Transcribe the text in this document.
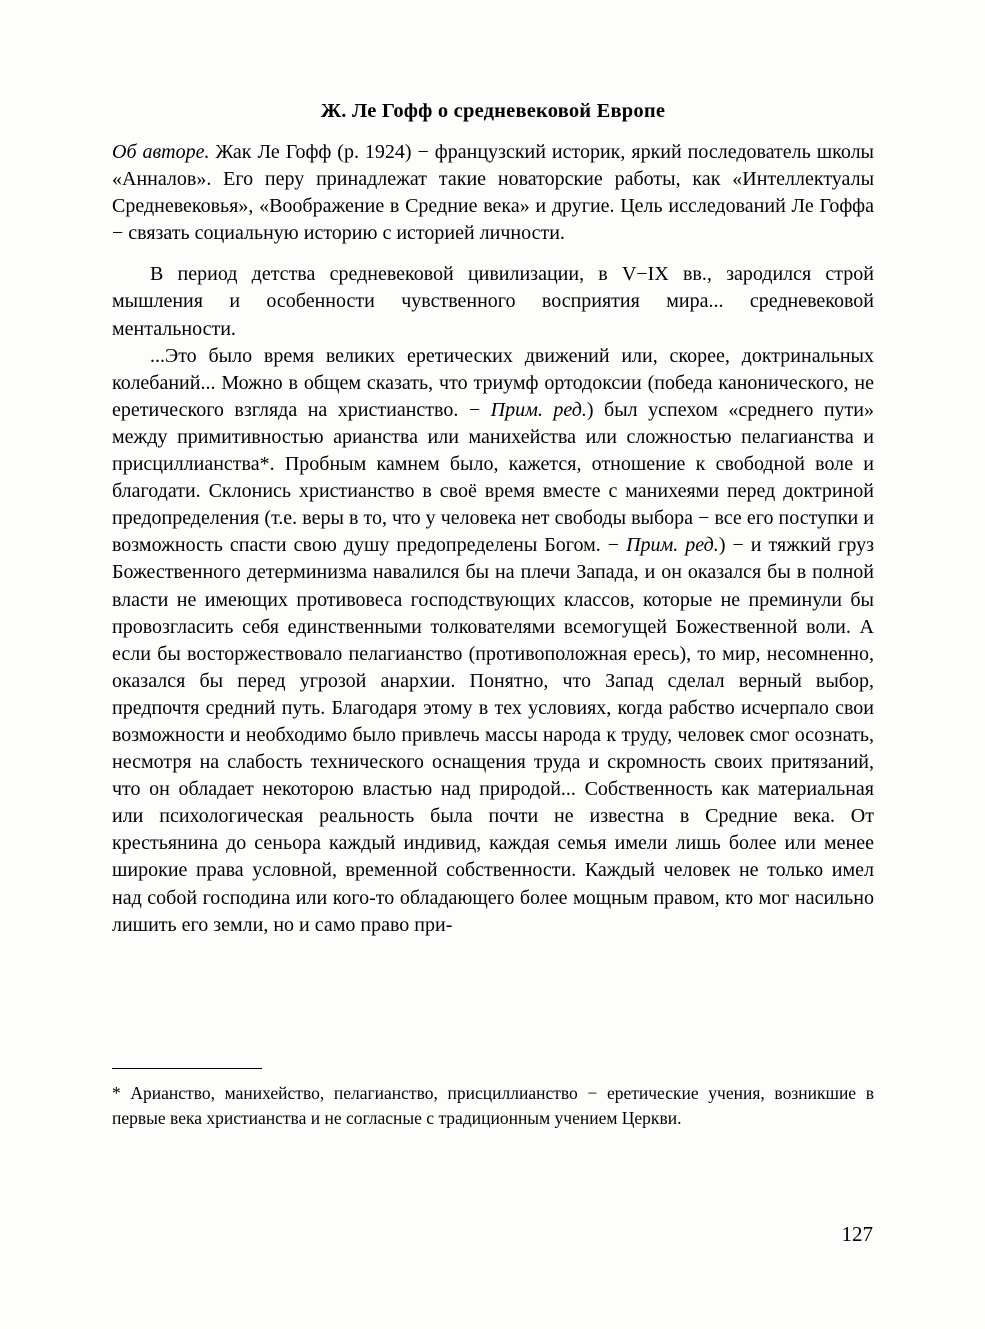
Ж. Ле Гофф о средневековой Европе

Об авторе. Жак Ле Гофф (р. 1924) − французский историк, яркий последователь школы «Анналов». Его перу принадлежат такие новаторские работы, как «Интеллектуалы Средневековья», «Воображение в Средние века» и другие. Цель исследований Ле Гоффа − связать социальную историю с историей личности.

В период детства средневековой цивилизации, в V−IX вв., зародился строй мышления и особенности чувственного восприятия мира... средневековой ментальности.

...Это было время великих еретических движений или, скорее, доктринальных колебаний... Можно в общем сказать, что триумф ортодоксии (победа канонического, не еретического взгляда на христианство. − Прим. ред.) был успехом «среднего пути» между примитивностью арианства или манихейства или сложностью пелагианства и присциллианства*. Пробным камнем было, кажется, отношение к свободной воле и благодати. Склонись христианство в своё время вместе с манихеями перед доктриной предопределения (т.е. веры в то, что у человека нет свободы выбора − все его поступки и возможность спасти свою душу предопределены Богом. − Прим. ред.) − и тяжкий груз Божественного детерминизма навалился бы на плечи Запада, и он оказался бы в полной власти не имеющих противовеса господствующих классов, которые не преминули бы провозгласить себя единственными толкователями всемогущей Божественной воли. А если бы восторжествовало пелагианство (противоположная ересь), то мир, несомненно, оказался бы перед угрозой анархии. Понятно, что Запад сделал верный выбор, предпочтя средний путь. Благодаря этому в тех условиях, когда рабство исчерпало свои возможности и необходимо было привлечь массы народа к труду, человек смог осознать, несмотря на слабость технического оснащения труда и скромность своих притязаний, что он обладает некоторою властью над природой... Собственность как материальная или психологическая реальность была почти не известна в Средние века. От крестьянина до сеньора каждый индивид, каждая семья имели лишь более или менее широкие права условной, временной собственности. Каждый человек не только имел над собой господина или кого-то обладающего более мощным правом, кто мог насильно лишить его земли, но и само право при-

* Арианство, манихейство, пелагианство, присциллианство − еретические учения, возникшие в первые века христианства и не согласные с традиционным учением Церкви.

127
